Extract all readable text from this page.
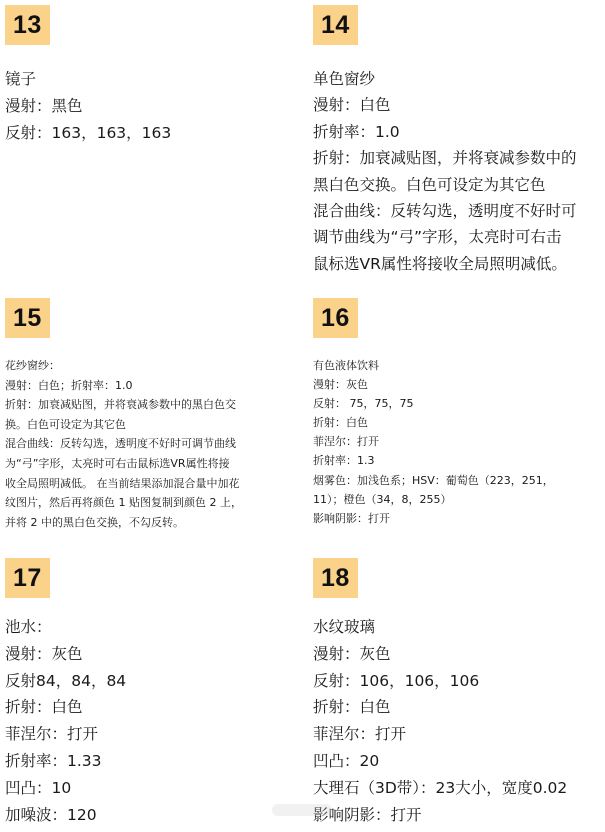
13
镜子
漫射：黑色
反射：163，163，163
14
单色窗纱
漫射：白色
折射率：1.0
折射：加衰减贴图，并将衰减参数中的
黑白色交换。白色可设定为其它色
混合曲线：反转勾选，透明度不好时可
调节曲线为“弓”字形，太亮时可右击
鼠标选VR属性将接收全局照明减低。
15
花纱窗纱：
漫射：白色；折射率：1.0
折射：加衰减贴图，并将衰减参数中的黑白色交
换。白色可设定为其它色
混合曲线：反转勾选，透明度不好时可调节曲线
为“弓”字形，太亮时可右击鼠标选VR属性将接
收全局照明减低。 在当前结果添加混合量中加花
纹图片，然后再将颜色 1 贴图复制到颜色 2 上，
并将 2 中的黑白色交换，不勾反转。
16
有色液体饮料
漫射：灰色
反射： 75，75，75
折射：白色
菲涅尔：打开
折射率：1.3
烟雾色：加浅色系；HSV：葡萄色（223，251，
11）；橙色（34，8，255）
影响阴影：打开
17
池水：
漫射：灰色
反射84，84，84
折射：白色
菲涅尔：打开
折射率：1.33
凹凸：10
加噪波：120
18
水纹玻璃
漫射：灰色
反射：106，106，106
折射：白色
菲涅尔：打开
凹凸：20
大理石（3D带）：23大小，宽度0.02
影响阴影：打开
